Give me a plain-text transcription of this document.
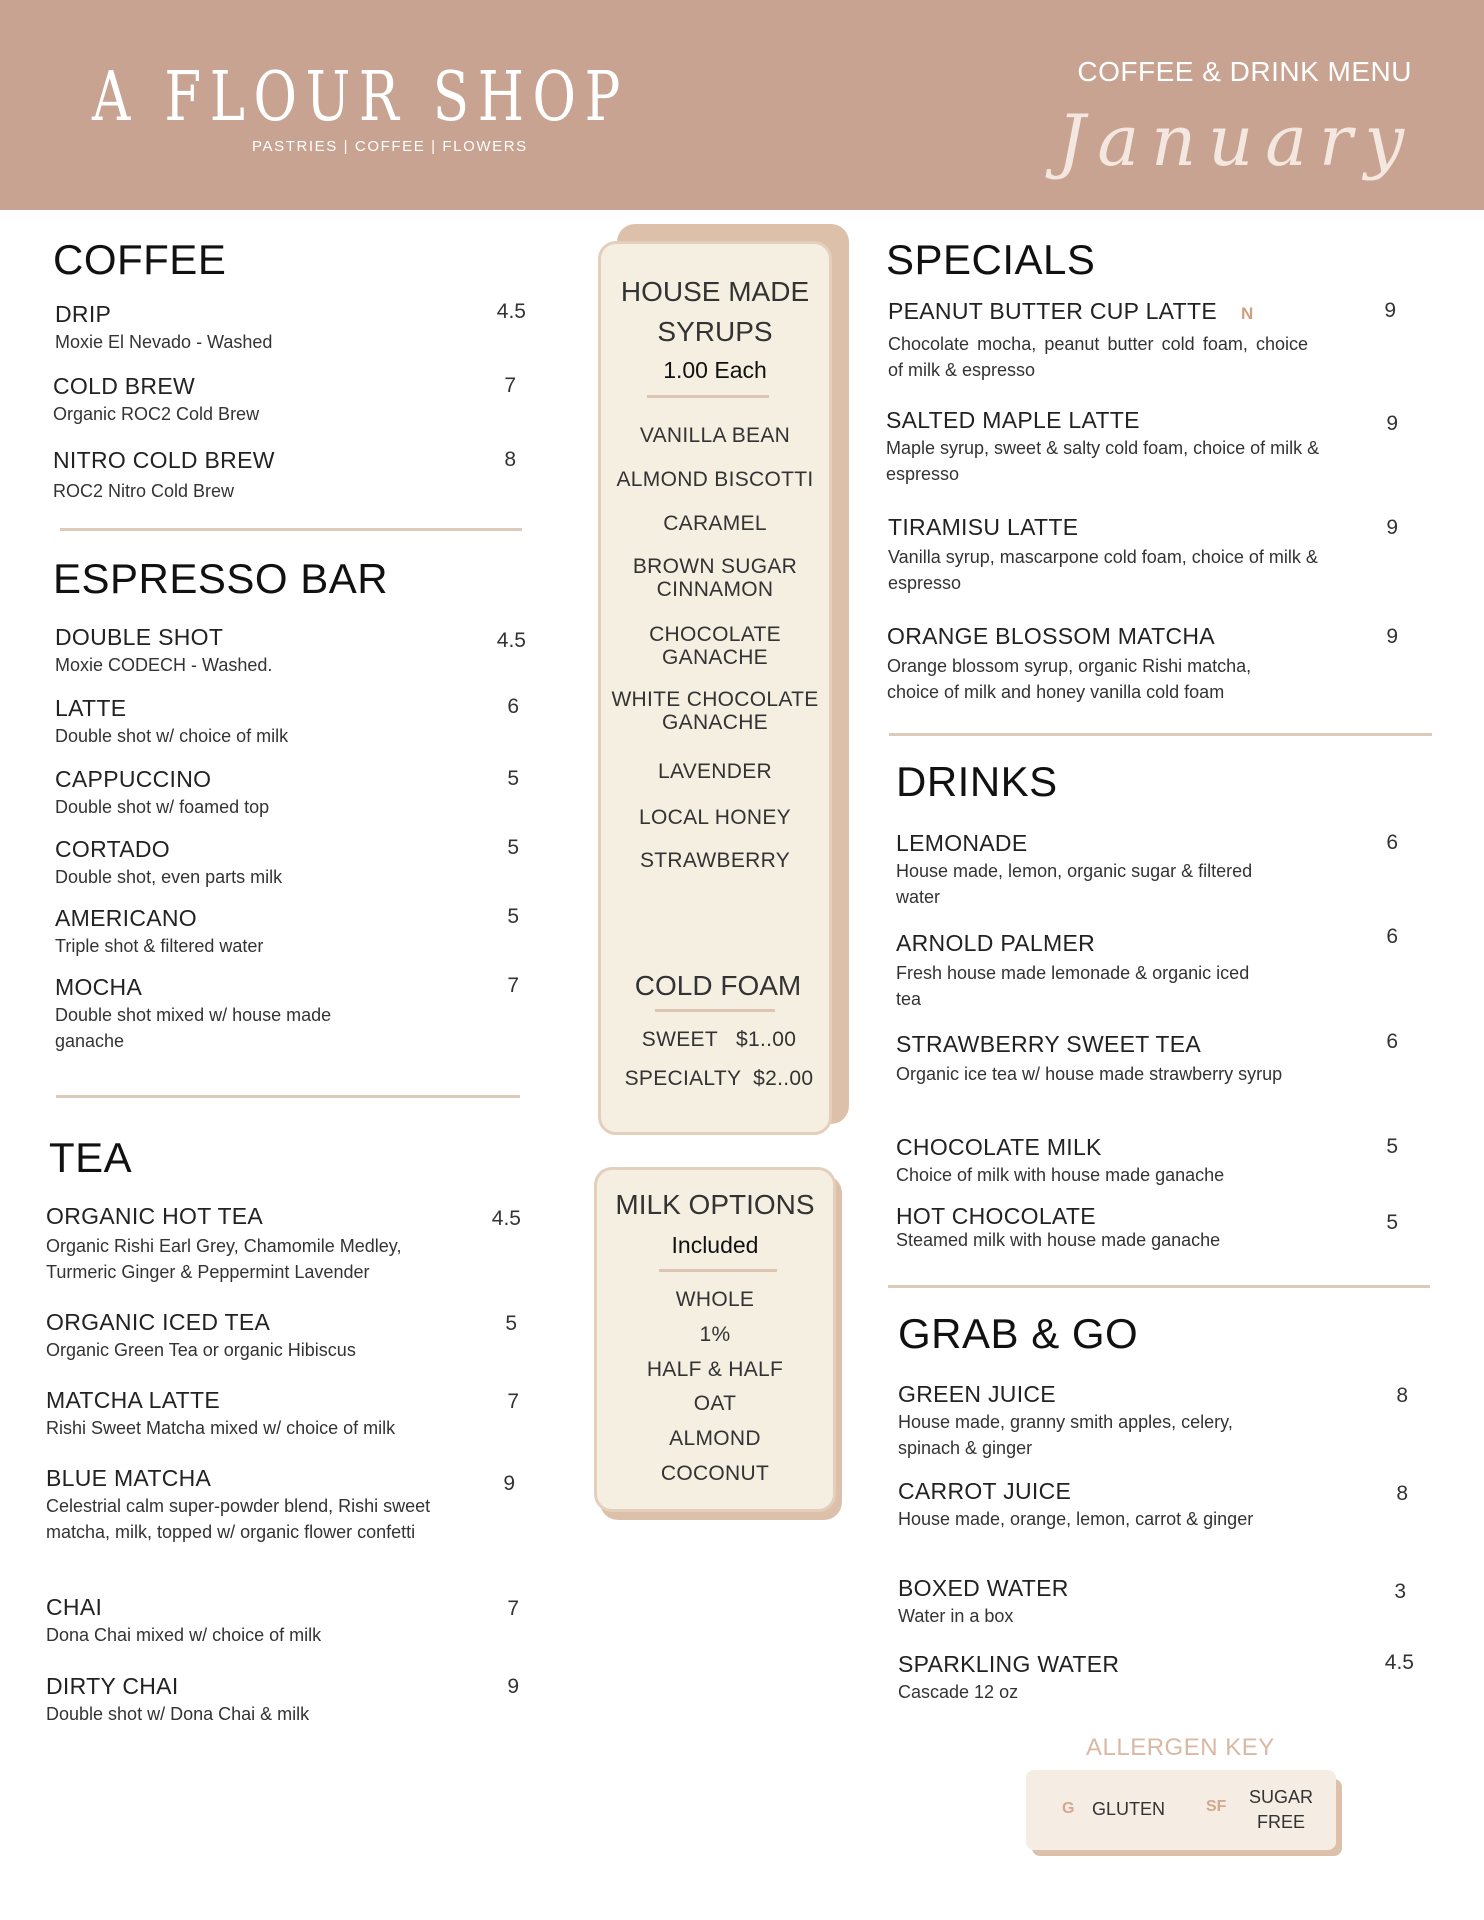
A FLOUR SHOP
PASTRIES | COFFEE | FLOWERS
COFFEE & DRINK MENU
January
COFFEE
DRIP
Moxie El Nevado - Washed
4.5
COLD BREW
Organic ROC2 Cold Brew
7
NITRO COLD BREW
ROC2 Nitro Cold Brew
8
ESPRESSO BAR
DOUBLE SHOT
Moxie CODECH - Washed.
4.5
LATTE
Double shot w/ choice of milk
6
CAPPUCCINO
Double shot w/ foamed top
5
CORTADO
Double shot, even parts milk
5
AMERICANO
Triple shot & filtered water
5
MOCHA
Double shot mixed w/ house made ganache
7
TEA
ORGANIC HOT TEA
Organic Rishi Earl Grey, Chamomile Medley, Turmeric Ginger & Peppermint Lavender
4.5
ORGANIC ICED TEA
Organic Green Tea or organic Hibiscus
5
MATCHA LATTE
Rishi Sweet Matcha mixed w/ choice of milk
7
BLUE MATCHA
Celestrial calm super-powder blend, Rishi sweet matcha, milk, topped w/ organic flower confetti
9
CHAI
Dona Chai mixed w/ choice of milk
7
DIRTY CHAI
Double shot w/ Dona Chai & milk
9
HOUSE MADE
SYRUPS
1.00 Each
VANILLA BEAN
ALMOND BISCOTTI
CARAMEL
BROWN SUGAR CINNAMON
CHOCOLATE GANACHE
WHITE CHOCOLATE GANACHE
LAVENDER
LOCAL HONEY
STRAWBERRY
COLD FOAM
SWEET   $1..00
SPECIALTY  $2..00
MILK OPTIONS
Included
WHOLE
1%
HALF & HALF
OAT
ALMOND
COCONUT
SPECIALS
PEANUT BUTTER CUP LATTE N
Chocolate mocha, peanut butter cold foam, choice of milk & espresso
9
SALTED MAPLE LATTE
Maple syrup, sweet & salty cold foam, choice of milk & espresso
9
TIRAMISU LATTE
Vanilla syrup, mascarpone cold foam, choice of milk & espresso
9
ORANGE BLOSSOM MATCHA
Orange blossom syrup, organic Rishi matcha, choice of milk and honey vanilla cold foam
9
DRINKS
LEMONADE
House made, lemon, organic sugar & filtered water
6
ARNOLD PALMER
Fresh house made lemonade & organic iced tea
6
STRAWBERRY SWEET TEA
Organic ice tea w/ house made strawberry syrup
6
CHOCOLATE MILK
Choice of milk with house made ganache
5
HOT CHOCOLATE
Steamed milk with house made ganache
5
GRAB & GO
GREEN JUICE
House made, granny smith apples, celery, spinach & ginger
8
CARROT JUICE
House made, orange, lemon, carrot & ginger
8
BOXED WATER
Water in a box
3
SPARKLING WATER
Cascade 12 oz
4.5
ALLERGEN KEY
G GLUTEN	SF SUGAR FREE
